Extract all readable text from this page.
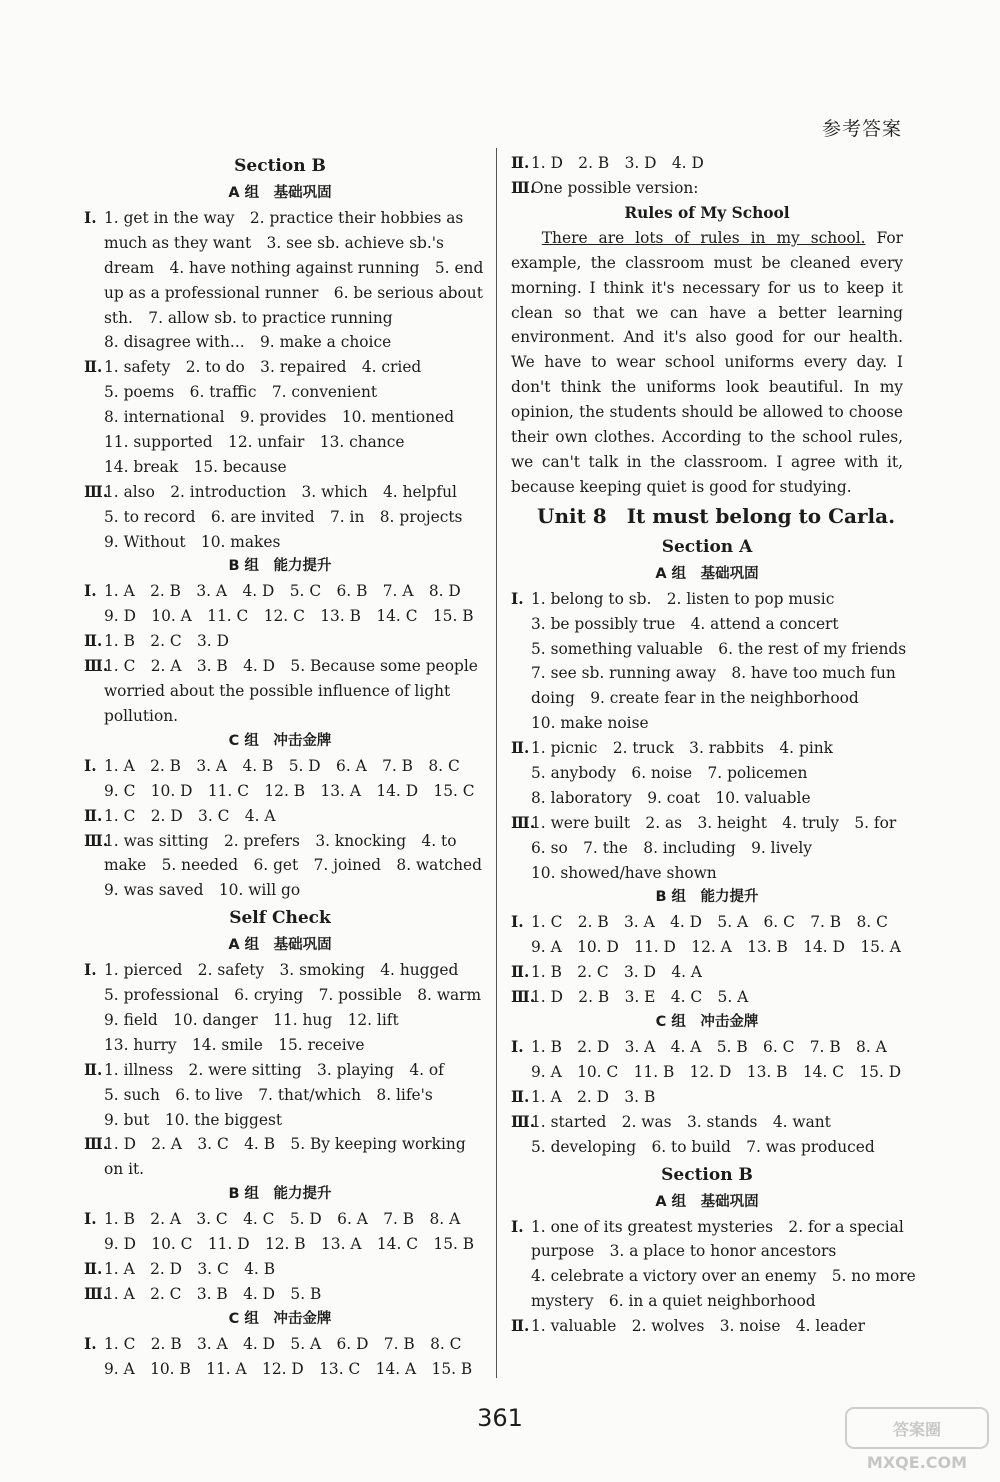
参考答案
Section B
A 组　基础巩固
Ⅰ. 1. get in the way　2. practice their hobbies as
much as they want　3. see sb. achieve sb.'s
dream　4. have nothing against running　5. end
up as a professional runner　6. be serious about
sth.　7. allow sb. to practice running
8. disagree with...　9. make a choice
Ⅱ. 1. safety　2. to do　3. repaired　4. cried
5. poems　6. traffic　7. convenient
8. international　9. provides　10. mentioned
11. supported　12. unfair　13. chance
14. break　15. because
Ⅲ.
1. also　2. introduction　3. which　4. helpful
5. to record　6. are invited　7. in　8. projects
9. Without　10. makes
B 组　能力提升
Ⅰ. 1. A　2. B　3. A　4. D　5. C　6. B　7. A　8. D
9. D　10. A　11. C　12. C　13. B　14. C　15. B
Ⅱ. 1. B　2. C　3. D
Ⅲ.
1. C　2. A　3. B　4. D　5. Because some people
worried about the possible influence of light
pollution.
C 组　冲击金牌
Ⅰ. 1. A　2. B　3. A　4. B　5. D　6. A　7. B　8. C
9. C　10. D　11. C　12. B　13. A　14. D　15. C
Ⅱ. 1. C　2. D　3. C　4. A
Ⅲ.
1. was sitting　2. prefers　3. knocking　4. to
make　5. needed　6. get　7. joined　8. watched
9. was saved　10. will go
Self Check
A 组　基础巩固
Ⅰ. 1. pierced　2. safety　3. smoking　4. hugged
5. professional　6. crying　7. possible　8. warm
9. field　10. danger　11. hug　12. lift
13. hurry　14. smile　15. receive
Ⅱ. 1. illness　2. were sitting　3. playing　4. of
5. such　6. to live　7. that/which　8. life's
9. but　10. the biggest
Ⅲ.
1. D　2. A　3. C　4. B　5. By keeping working
on it.
B 组　能力提升
Ⅰ. 1. B　2. A　3. C　4. C　5. D　6. A　7. B　8. A
9. D　10. C　11. D　12. B　13. A　14. C　15. B
Ⅱ. 1. A　2. D　3. C　4. B
Ⅲ.
1. A　2. C　3. B　4. D　5. B
C 组　冲击金牌
Ⅰ. 1. C　2. B　3. A　4. D　5. A　6. D　7. B　8. C
9. A　10. B　11. A　12. D　13. C　14. A　15. B
Ⅱ. 1. D　2. B　3. D　4. D
Ⅲ.
One possible version:
Rules of My School
There are lots of rules in my school. For example, the classroom must be cleaned every morning. I think it's necessary for us to keep it clean so that we can have a better learning environment. And it's also good for our health. We have to wear school uniforms every day. I don't think the uniforms look beautiful. In my opinion, the students should be allowed to choose their own clothes. According to the school rules, we can't talk in the classroom. I agree with it, because keeping quiet is good for studying.
Unit 8　It must belong to Carla.
Section A
A 组　基础巩固
Ⅰ. 1. belong to sb.　2. listen to pop music
3. be possibly true　4. attend a concert
5. something valuable　6. the rest of my friends
7. see sb. running away　8. have too much fun
doing　9. create fear in the neighborhood
10. make noise
Ⅱ. 1. picnic　2. truck　3. rabbits　4. pink
5. anybody　6. noise　7. policemen
8. laboratory　9. coat　10. valuable
Ⅲ.
1. were built　2. as　3. height　4. truly　5. for
6. so　7. the　8. including　9. lively
10. showed/have shown
B 组　能力提升
Ⅰ. 1. C　2. B　3. A　4. D　5. A　6. C　7. B　8. C
9. A　10. D　11. D　12. A　13. B　14. D　15. A
Ⅱ. 1. B　2. C　3. D　4. A
Ⅲ.
1. D　2. B　3. E　4. C　5. A
C 组　冲击金牌
Ⅰ. 1. B　2. D　3. A　4. A　5. B　6. C　7. B　8. A
9. A　10. C　11. B　12. D　13. B　14. C　15. D
Ⅱ. 1. A　2. D　3. B
Ⅲ.
1. started　2. was　3. stands　4. want
5. developing　6. to build　7. was produced
Section B
A 组　基础巩固
Ⅰ. 1. one of its greatest mysteries　2. for a special
purpose　3. a place to honor ancestors
4. celebrate a victory over an enemy　5. no more
mystery　6. in a quiet neighborhood
Ⅱ. 1. valuable　2. wolves　3. noise　4. leader
361	答案圈
MXQE.COM
